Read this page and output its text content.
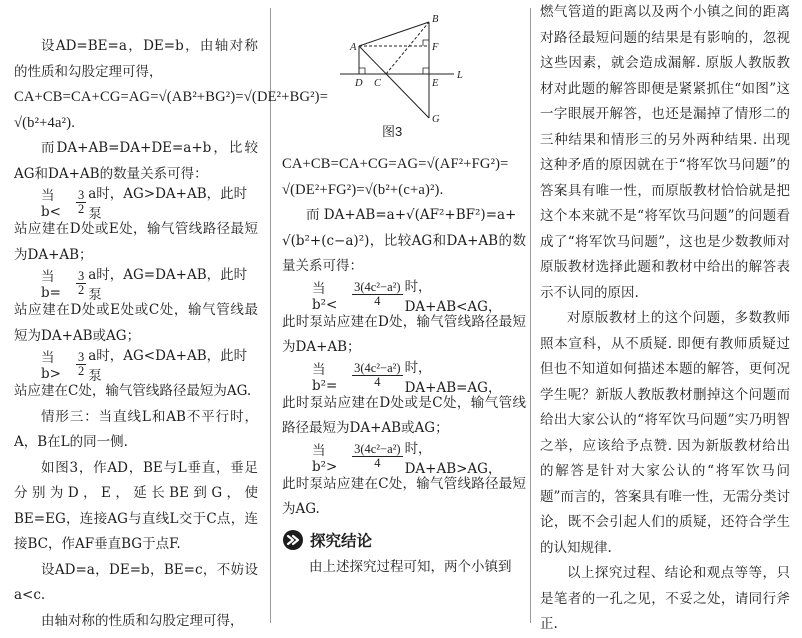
设AD=BE=a，DE=b，由轴对称的性质和勾股定理可得，

CA+CB=CA+CG=AG=√(AB²+BG²)=√(DE²+BG²)=

√(b²+4a²).

而DA+AB=DA+DE=a+b，比较AG和DA+AB的数量关系可得：

当b<	$\frac{3}{2}$ a时，AG>DA+AB，此时泵

站应建在D处或E处，输气管线路径最短为DA+AB；

当b=	$\frac{3}{2}$ a时，AG=DA+AB，此时泵

站应建在D处或E处或C处，输气管线最短为DA+AB或AG；

当b>	$\frac{3}{2}$ a时，AG<DA+AB，此时泵

站应建在C处，输气管线路径最短为AG.

情形三：当直线L和AB不平行时，A，B在L的同一侧.

如图3，作AD，BE与L垂直，垂足分别为D，E，延长BE到G，使BE=EG，连接AG与直线L交于C点，连接BC，作AF垂直BG于点F.

设AD=a，DE=b，BE=c，不妨设a<c.

由轴对称的性质和勾股定理可得，

A
B
F
D C	E
L
G
图3

CA+CB=CA+CG=AG=√(AF²+FG²)=

√(DE²+FG²)=√(b²+(c+a)²).

而 DA+AB=a+√(AF²+BF²)=a+

√(b²+(c−a)²)，比较AG和DA+AB的数量关系可得：

当b²<	$\frac{\text{3(4c²−a²)}}{4}$ 时，DA+AB<AG，

此时泵站应建在D处，输气管线路径最短为DA+AB；

当b²=	$\frac{\text{3(4c²−a²)}}{4}$ 时，DA+AB=AG，

此时泵站应建在D处或是C处，输气管线路径最短为DA+AB或AG；

当b²>	$\frac{\text{3(4c²−a²)}}{4}$ 时，DA+AB>AG，

此时泵站应建在C处，输气管线路径最短为AG.

探究结论

由上述探究过程可知，两个小镇到

燃气管道的距离以及两个小镇之间的距离对路径最短问题的结果是有影响的，忽视这些因素，就会造成漏解. 原版人教版教材对此题的解答即便是紧紧抓住“如图”这一字眼展开解答，也还是漏掉了情形二的三种结果和情形三的另外两种结果. 出现这种矛盾的原因就在于“将军饮马问题”的答案具有唯一性，而原版教材恰恰就是把这个本来就不是“将军饮马问题”的问题看成了“将军饮马问题”，这也是少数教师对原版教材选择此题和教材中给出的解答表示不认同的原因.

对原版教材上的这个问题，多数教师照本宣科，从不质疑. 即便有教师质疑过但也不知道如何描述本题的解答，更何况学生呢？新版人教版教材删掉这个问题而给出大家公认的“将军饮马问题”实乃明智之举，应该给予点赞. 因为新版教材给出的解答是针对大家公认的“将军饮马问题”而言的，答案具有唯一性，无需分类讨论，既不会引起人们的质疑，还符合学生的认知规律.

以上探究过程、结论和观点等等，只是笔者的一孔之见，不妥之处，请同行斧正.
